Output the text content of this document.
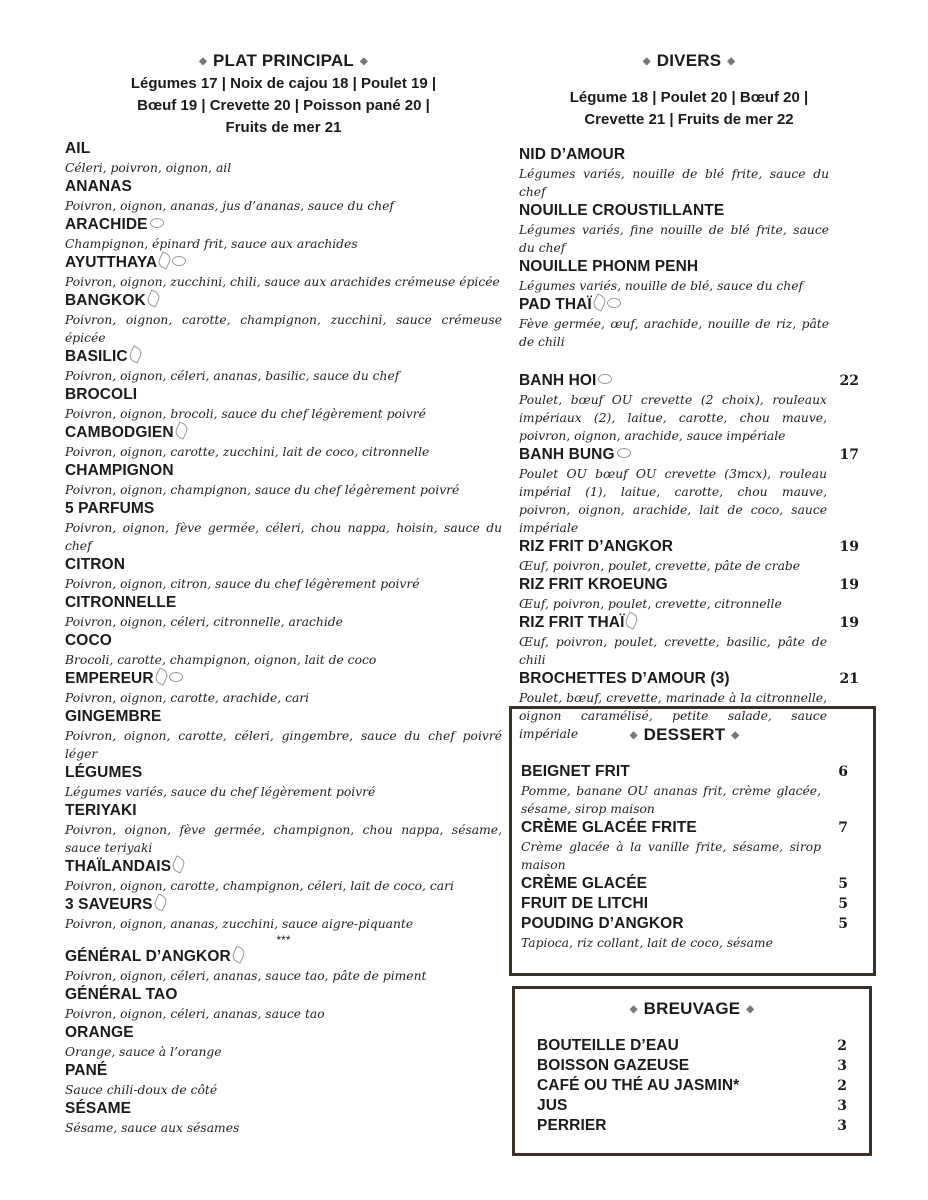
◆ PLAT PRINCIPAL ◆
Légumes 17 | Noix de cajou 18 | Poulet 19 |
Bœuf 19 | Crevette 20 | Poisson pané 20 |
Fruits de mer 21
AIL
Céleri, poivron, oignon, ail
ANANAS
Poivron, oignon, ananas, jus d’ananas, sauce du chef
ARACHIDE
Champignon, épinard frit, sauce aux arachides
AYUTTHAYA
Poivron, oignon, zucchini, chili, sauce aux arachides crémeuse épicée
BANGKOK
Poivron, oignon, carotte, champignon, zucchini, sauce crémeuse épicée
BASILIC
Poivron, oignon, céleri, ananas, basilic, sauce du chef
BROCOLI
Poivron, oignon, brocoli, sauce du chef légèrement poivré
CAMBODGIEN
Poivron, oignon, carotte, zucchini, lait de coco, citronnelle
CHAMPIGNON
Poivron, oignon, champignon, sauce du chef légèrement poivré
5 PARFUMS
Poivron, oignon, fève germée, céleri, chou nappa, hoisin, sauce du chef
CITRON
Poivron, oignon, citron, sauce du chef légèrement poivré
CITRONNELLE
Poivron, oignon, céleri, citronnelle, arachide
COCO
Brocoli, carotte, champignon, oignon, lait de coco
EMPEREUR
Poivron, oignon, carotte, arachide, cari
GINGEMBRE
Poivron, oignon, carotte, céleri, gingembre, sauce du chef poivré léger
LÉGUMES
Légumes variés, sauce du chef légèrement poivré
TERIYAKI
Poivron, oignon, fève germée, champignon, chou nappa, sésame, sauce teriyaki
THAÏLANDAIS
Poivron, oignon, carotte, champignon, céleri, lait de coco, cari
3 SAVEURS
Poivron, oignon, ananas, zucchini, sauce aigre-piquante
***
GÉNÉRAL D’ANGKOR
Poivron, oignon, céleri, ananas, sauce tao, pâte de piment
GÉNÉRAL TAO
Poivron, oignon, céleri, ananas, sauce tao
ORANGE
Orange, sauce à l’orange
PANÉ
Sauce chili-doux de côté
SÉSAME
Sésame, sauce aux sésames
◆ DIVERS ◆
Légume 18 | Poulet 20 | Bœuf 20 |
Crevette 21 | Fruits de mer 22
NID D’AMOUR
Légumes variés, nouille de blé frite, sauce du chef
NOUILLE CROUSTILLANTE
Légumes variés, fine nouille de blé frite, sauce du chef
NOUILLE PHONM PENH
Légumes variés, nouille de blé, sauce du chef
PAD THAÏ
Fève germée, œuf, arachide, nouille de riz, pâte de chili
BANH HOI	22
Poulet, bœuf OU crevette (2 choix), rouleaux impériaux (2), laitue, carotte, chou mauve, poivron, oignon, arachide, sauce impériale
BANH BUNG	17
Poulet OU bœuf OU crevette (3mcx), rouleau impérial (1), laitue, carotte, chou mauve, poivron, oignon, arachide, lait de coco, sauce impériale
RIZ FRIT D’ANGKOR	19
Œuf, poivron, poulet, crevette, pâte de crabe
RIZ FRIT KROEUNG	19
Œuf, poivron, poulet, crevette, citronnelle
RIZ FRIT THAÏ	19
Œuf, poivron, poulet, crevette, basilic, pâte de chili
BROCHETTES D’AMOUR (3)	21
Poulet, bœuf, crevette, marinade à la citronnelle, oignon caramélisé, petite salade, sauce impériale	◆ DESSERT ◆
BEIGNET FRIT	6
Pomme, banane OU ananas frit, crème glacée, sésame, sirop maison
CRÈME GLACÉE FRITE	7
Crème glacée à la vanille frite, sésame, sirop maison
CRÈME GLACÉE	5
FRUIT DE LITCHI	5
POUDING D’ANGKOR	5
Tapioca, riz collant, lait de coco, sésame
◆ BREUVAGE ◆
BOUTEILLE D’EAU	2
BOISSON GAZEUSE	3
CAFÉ OU THÉ AU JASMIN*	2
JUS	3
PERRIER	3
